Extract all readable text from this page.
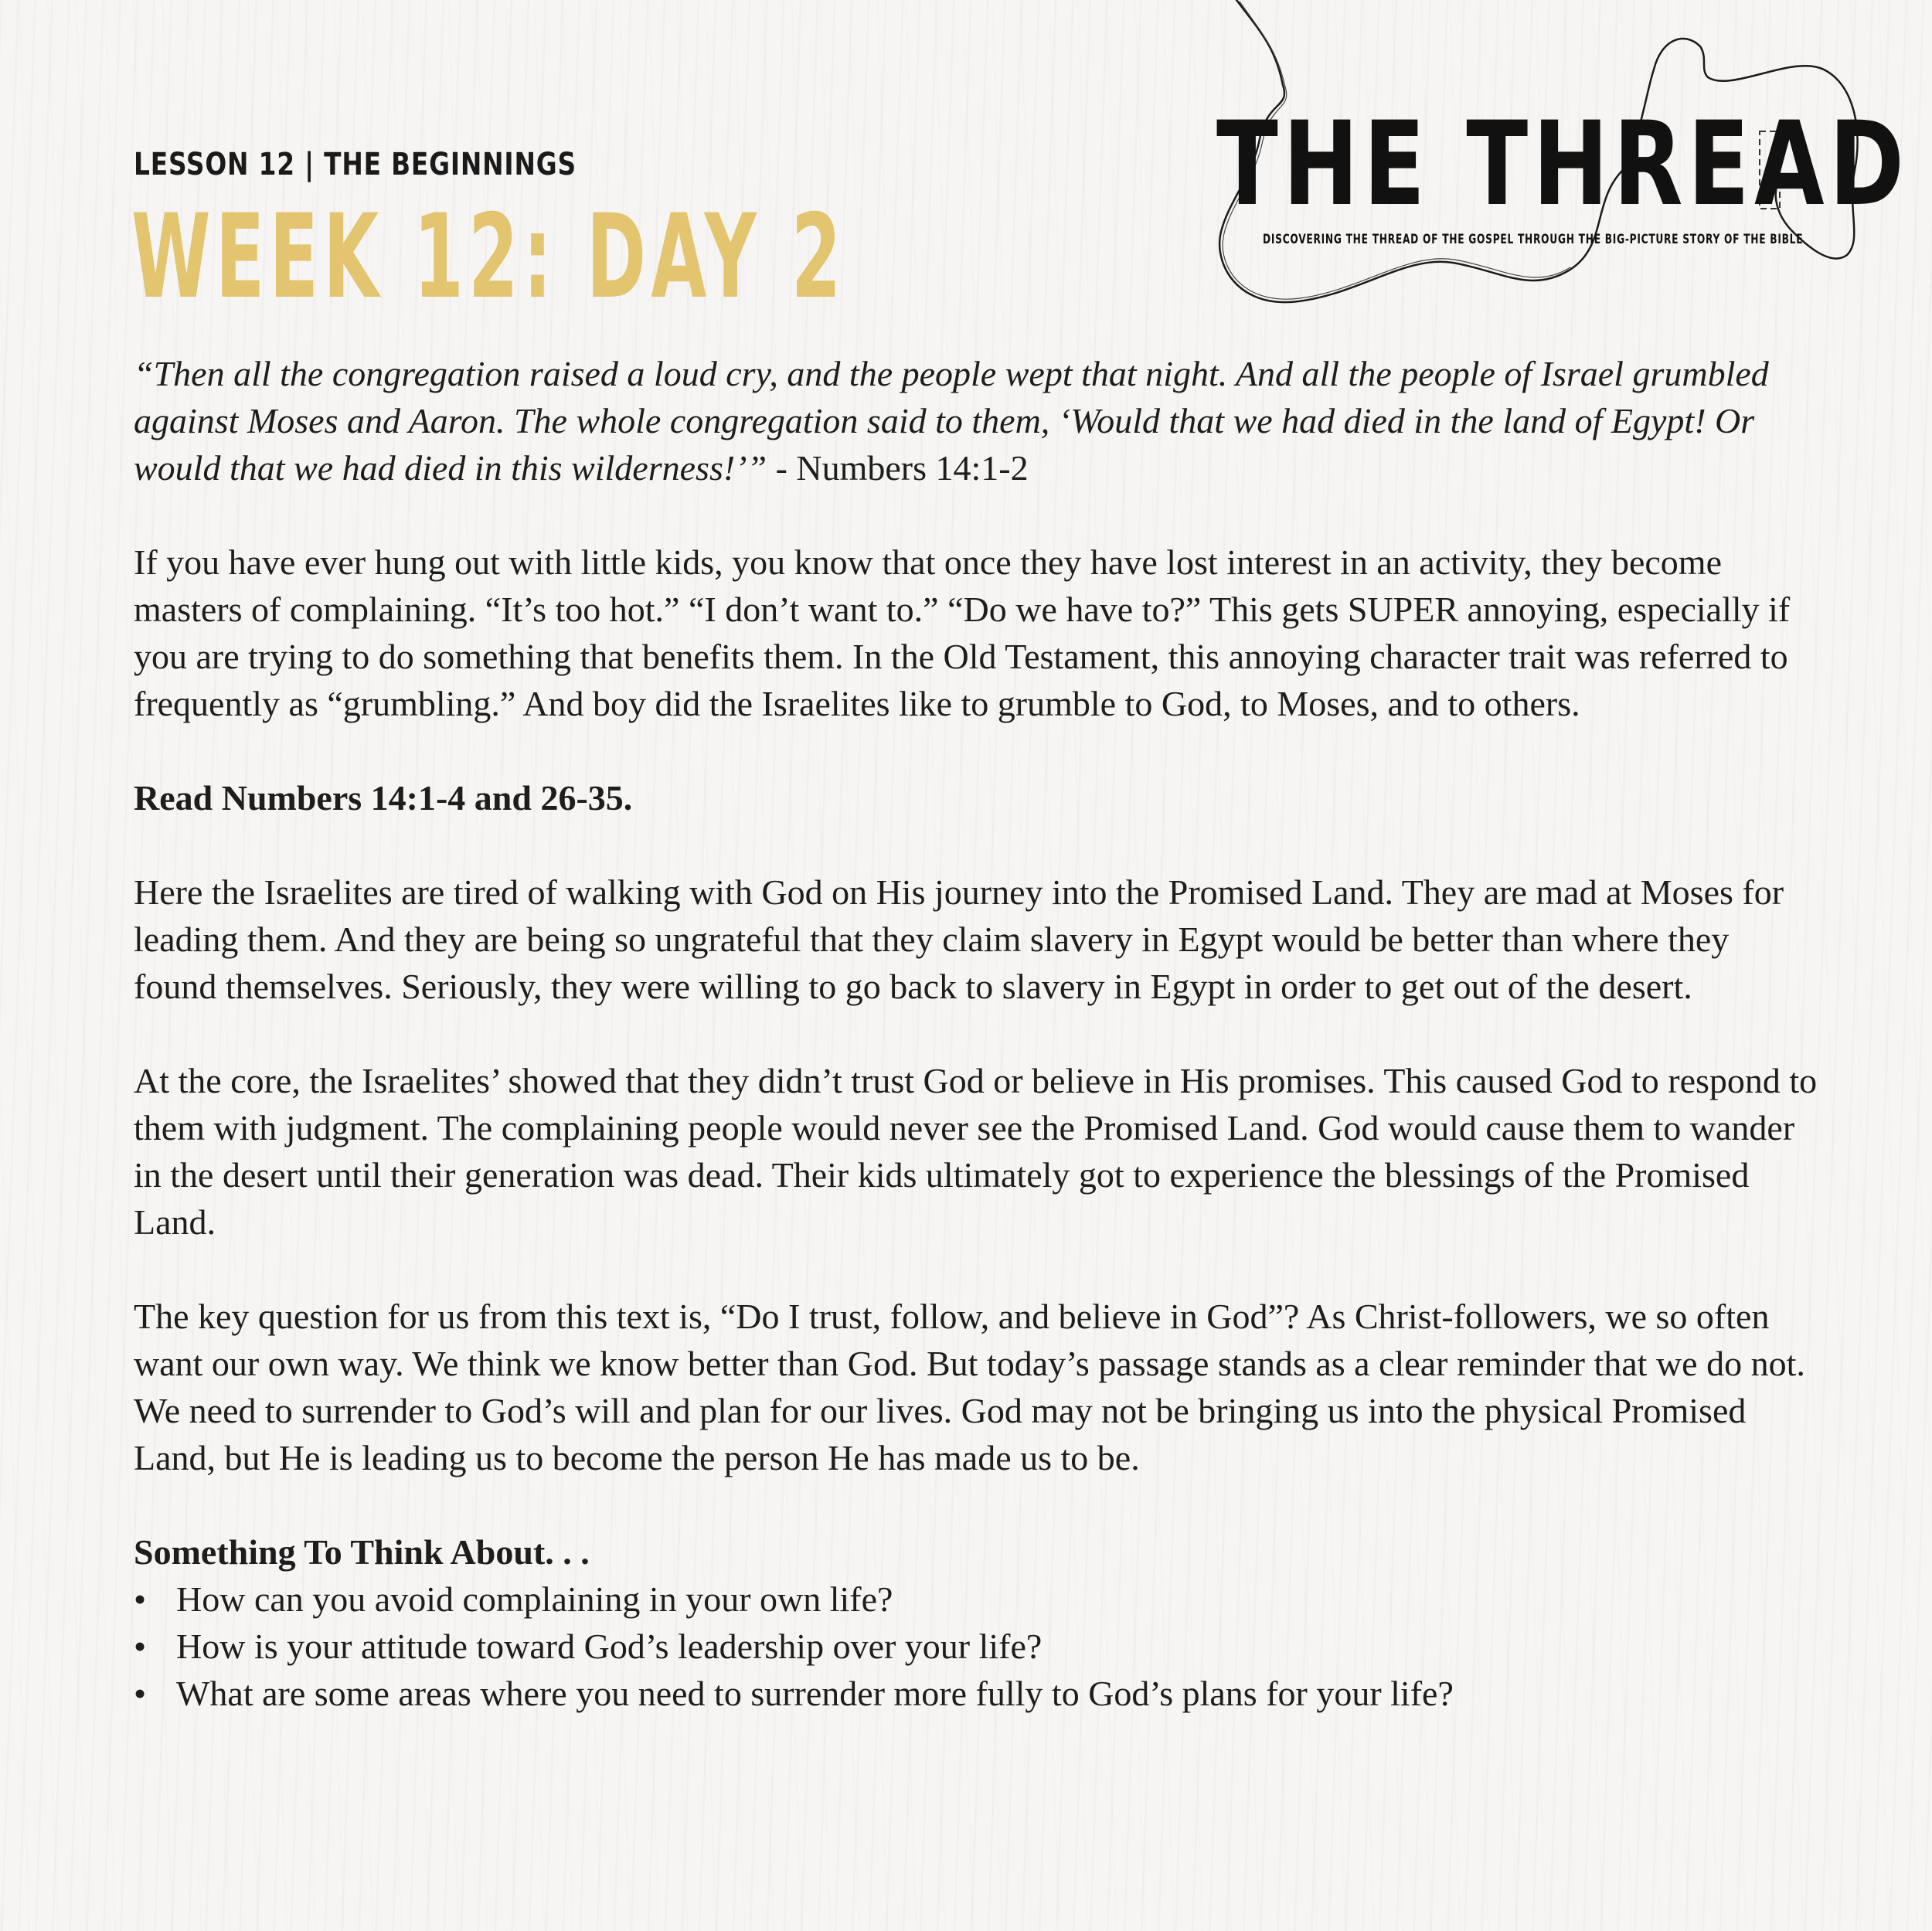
LESSON 12 | THE BEGINNINGS
WEEK 12: DAY 2
THE THREAD
DISCOVERING THE THREAD OF THE GOSPEL THROUGH THE BIG-PICTURE STORY OF THE BIBLE

“Then all the congregation raised a loud cry, and the people wept that night. And all the people of Israel grumbled against Moses and Aaron. The whole congregation said to them, ‘Would that we had died in the land of Egypt! Or would that we had died in this wilderness!’” - Numbers 14:1-2

If you have ever hung out with little kids, you know that once they have lost interest in an activity, they become masters of complaining. “It’s too hot.” “I don’t want to.” “Do we have to?” This gets SUPER annoying, especially if you are trying to do something that benefits them. In the Old Testament, this annoying character trait was referred to frequently as “grumbling.” And boy did the Israelites like to grumble to God, to Moses, and to others.

Read Numbers 14:1-4 and 26-35.

Here the Israelites are tired of walking with God on His journey into the Promised Land. They are mad at Moses for leading them. And they are being so ungrateful that they claim slavery in Egypt would be better than where they found themselves. Seriously, they were willing to go back to slavery in Egypt in order to get out of the desert.

At the core, the Israelites’ showed that they didn’t trust God or believe in His promises. This caused God to respond to them with judgment. The complaining people would never see the Promised Land. God would cause them to wander in the desert until their generation was dead. Their kids ultimately got to experience the blessings of the Promised Land.

The key question for us from this text is, “Do I trust, follow, and believe in God”? As Christ-followers, we so often want our own way. We think we know better than God. But today’s passage stands as a clear reminder that we do not. We need to surrender to God’s will and plan for our lives. God may not be bringing us into the physical Promised Land, but He is leading us to become the person He has made us to be.

Something To Think About. . .
• How can you avoid complaining in your own life?
• How is your attitude toward God’s leadership over your life?
• What are some areas where you need to surrender more fully to God’s plans for your life?
